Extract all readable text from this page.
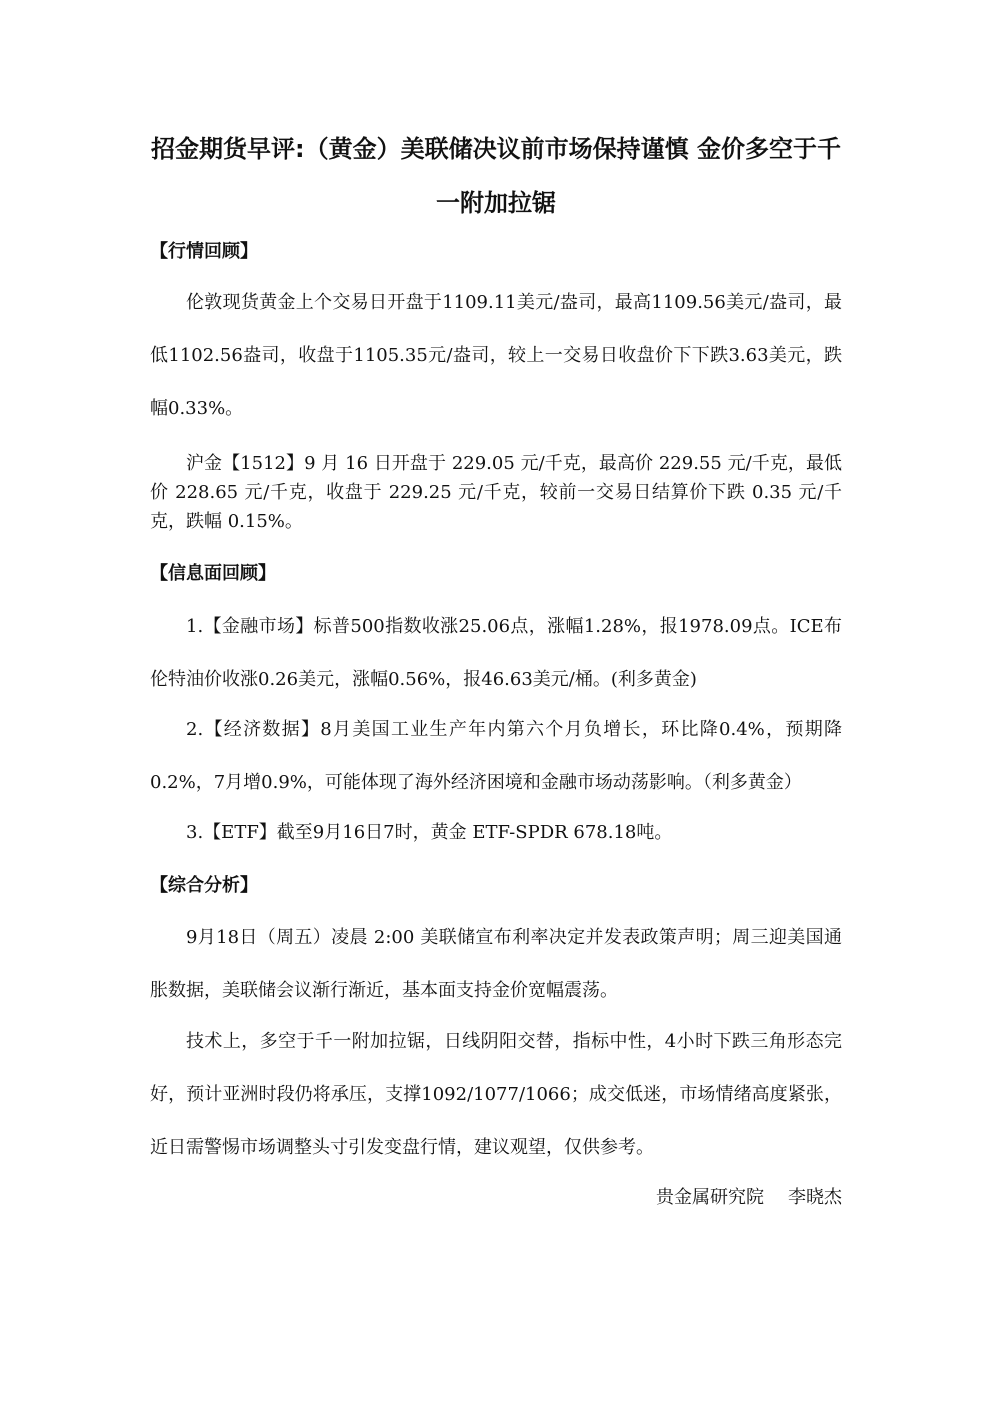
招金期货早评:（黄金）美联储决议前市场保持谨慎 金价多空于千一附加拉锯
【行情回顾】

伦敦现货黄金上个交易日开盘于1109.11美元/盎司，最高1109.56美元/盎司，最低1102.56盎司，收盘于1105.35元/盎司，较上一交易日收盘价下下跌3.63美元，跌幅0.33%。

沪金【1512】9 月 16 日开盘于 229.05 元/千克，最高价 229.55 元/千克，最低价 228.65 元/千克，收盘于 229.25 元/千克，较前一交易日结算价下跌 0.35 元/千克，跌幅 0.15%。

【信息面回顾】

1.【金融市场】标普500指数收涨25.06点，涨幅1.28%，报1978.09点。ICE布伦特油价收涨0.26美元，涨幅0.56%，报46.63美元/桶。(利多黄金)

2.【经济数据】8月美国工业生产年内第六个月负增长，环比降0.4%，预期降0.2%，7月增0.9%，可能体现了海外经济困境和金融市场动荡影响。（利多黄金）

3.【ETF】截至9月16日7时，黄金 ETF-SPDR 678.18吨。

【综合分析】

9月18日（周五）凌晨 2:00 美联储宣布利率决定并发表政策声明；周三迎美国通胀数据，美联储会议渐行渐近，基本面支持金价宽幅震荡。

技术上，多空于千一附加拉锯，日线阴阳交替，指标中性，4小时下跌三角形态完好，预计亚洲时段仍将承压，支撑1092/1077/1066；成交低迷，市场情绪高度紧张，近日需警惕市场调整头寸引发变盘行情，建议观望，仅供参考。

贵金属研究院 李晓杰
